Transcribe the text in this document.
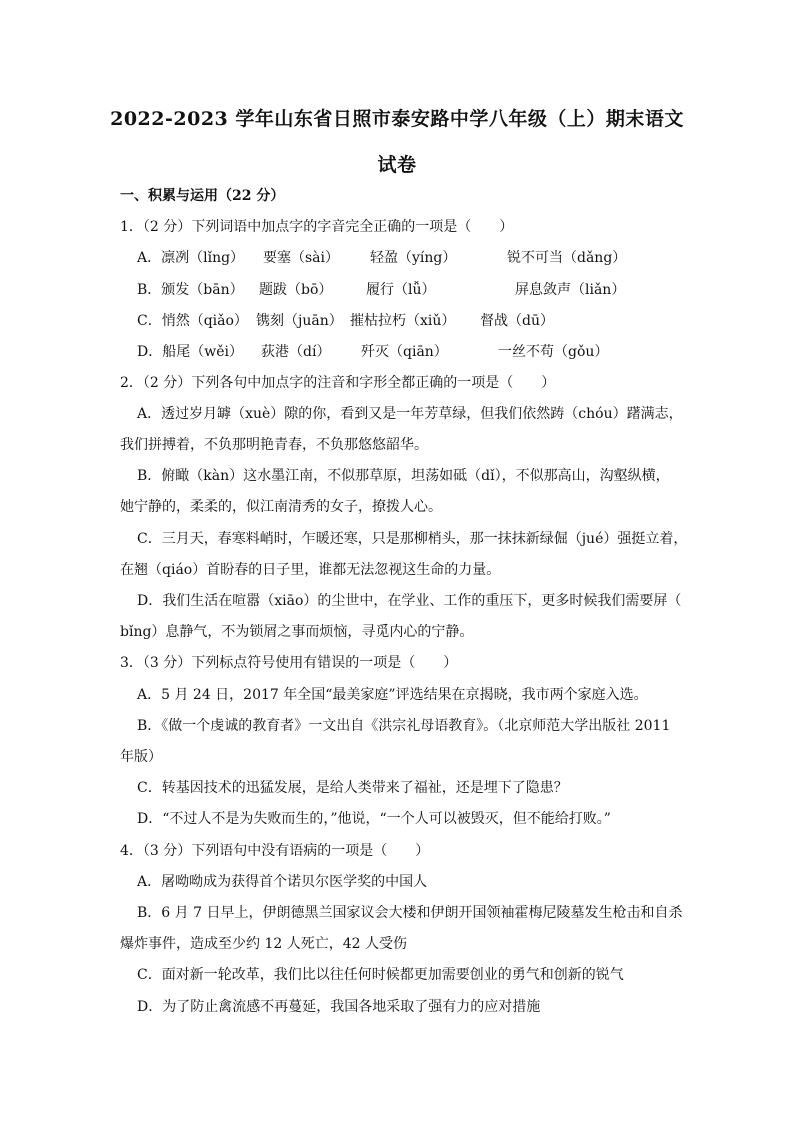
2022-2023 学年山东省日照市泰安路中学八年级（上）期末语文
试卷
一、积累与运用（22 分）
1．（2 分）下列词语中加点字的字音完全正确的一项是（　　）
A．凛冽（lǐng） 要塞（sài） 轻盈（yíng）	锐不可当（dǎng）
B．颁发（bān） 题跋（bō） 履行（lǚ）	屏息敛声（liǎn）
C．悄然（qiǎo） 镌刻（juān） 摧枯拉朽（xiǔ） 督战（dū）
D．船尾（wěi） 荻港（dí） 歼灭（qiān）	一丝不苟（gǒu）
2．（2 分）下列各句中加点字的注音和字形全都正确的一项是（　　）
A．透过岁月罅（xuè）隙的你，看到又是一年芳草绿，但我们依然踌（chóu）躇满志，
我们拼搏着，不负那明艳青春，不负那悠悠韶华。
B．俯瞰（kàn）这水墨江南，不似那草原，坦荡如砥（dǐ），不似那高山，沟壑纵横，
她宁静的，柔柔的，似江南清秀的女子，撩拨人心。
C．三月天，春寒料峭时，乍暖还寒，只是那柳梢头，那一抹抹新绿倔（jué）强挺立着，
在翘（qiáo）首盼春的日子里，谁都无法忽视这生命的力量。
D．我们生活在喧嚣（xiāo）的尘世中，在学业、工作的重压下，更多时候我们需要屏（
bǐng）息静气，不为锁屑之事而烦恼，寻觅内心的宁静。
3．（3 分）下列标点符号使用有错误的一项是（　　）
A．5 月 24 日，2017 年全国“最美家庭”评选结果在京揭晓，我市两个家庭入选。
B．《做一个虔诚的教育者》一文出自《洪宗礼母语教育》。（北京师范大学出版社 2011
年版）
C．转基因技术的迅猛发展，是给人类带来了福祉，还是埋下了隐患？
D．“不过人不是为失败而生的，”他说，“一个人可以被毁灭，但不能给打败。”
4．（3 分）下列语句中没有语病的一项是（　　）
A．屠呦呦成为获得首个诺贝尔医学奖的中国人
B．6 月 7 日早上，伊朗德黑兰国家议会大楼和伊朗开国领袖霍梅尼陵墓发生枪击和自杀
爆炸事件，造成至少约 12 人死亡，42 人受伤
C．面对新一轮改革，我们比以往任何时候都更加需要创业的勇气和创新的锐气
D．为了防止禽流感不再蔓延，我国各地采取了强有力的应对措施
